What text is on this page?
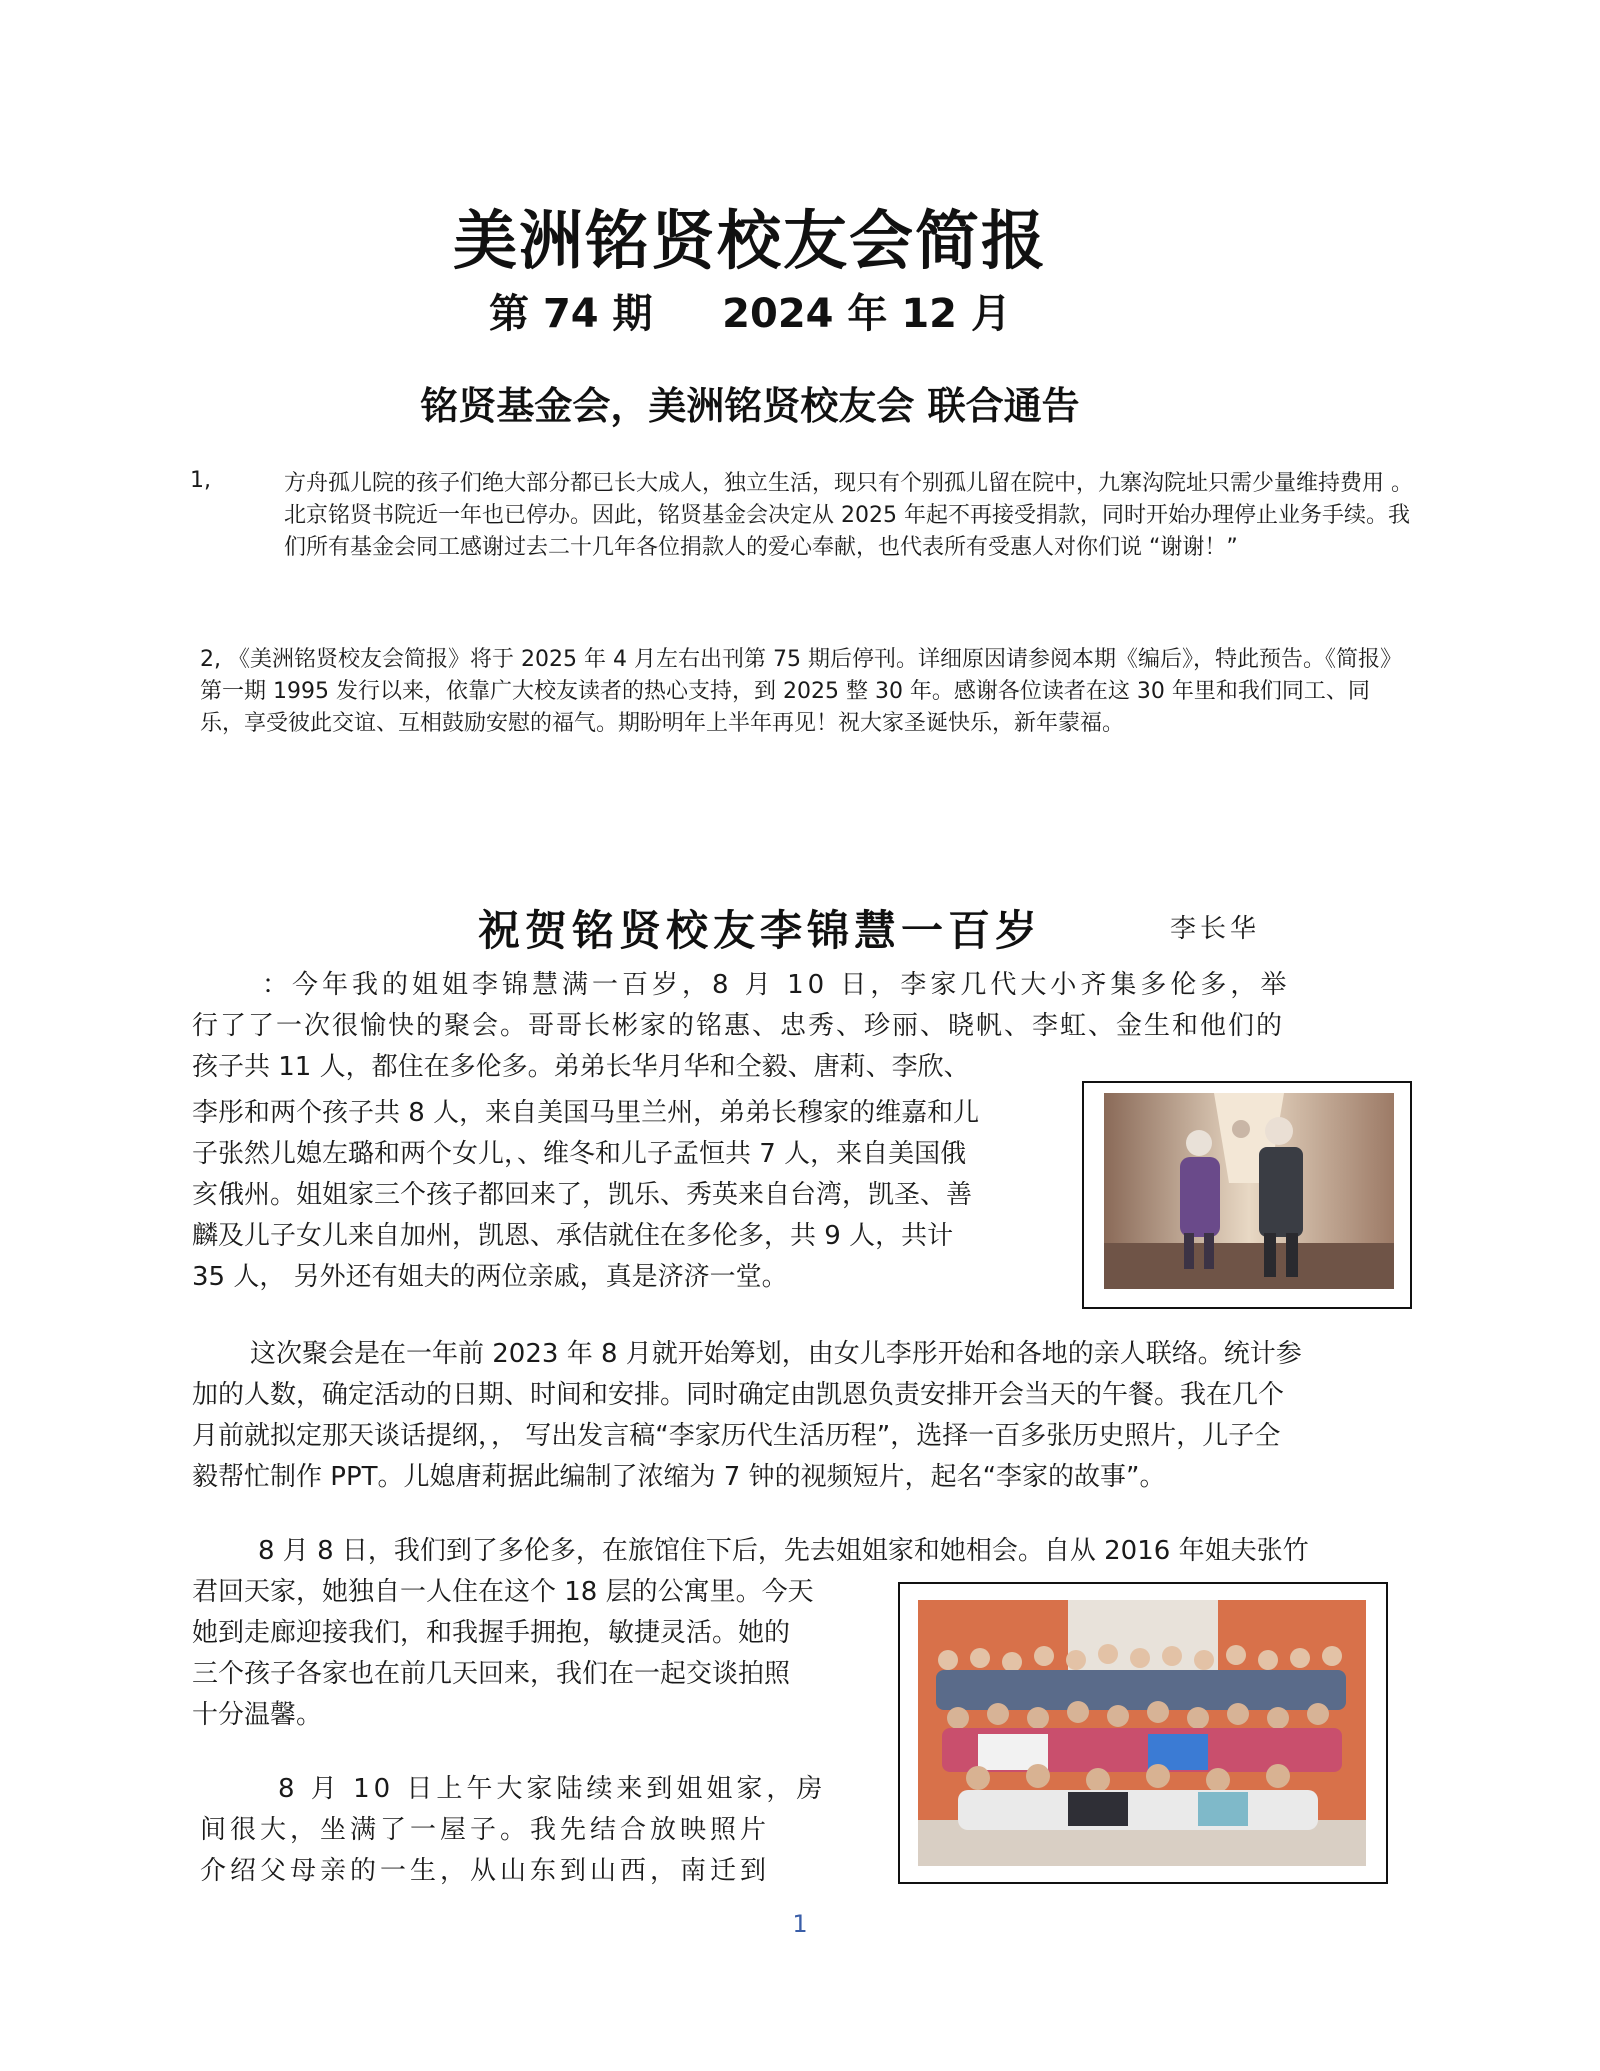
美洲铭贤校友会简报
第 74 期     2024 年 12 月
铭贤基金会，美洲铭贤校友会 联合通告
1,	方舟孤儿院的孩子们绝大部分都已长大成人，独立生活，现只有个别孤儿留在院中，九寨沟院址只需少量维持费用 。北京铭贤书院近一年也已停办。因此，铭贤基金会决定从 2025 年起不再接受捐款，同时开始办理停止业务手续。我们所有基金会同工感谢过去二十几年各位捐款人的爱心奉献，也代表所有受惠人对你们说 “谢谢！”
2, 《美洲铭贤校友会简报》将于 2025 年 4 月左右出刊第 75 期后停刊。详细原因请参阅本期《编后》，特此预告。《简报》第一期 1995 发行以来，依靠广大校友读者的热心支持，到 2025 整 30 年。感谢各位读者在这 30 年里和我们同工、同乐，享受彼此交谊、互相鼓励安慰的福气。期盼明年上半年再见！祝大家圣诞快乐，新年蒙福。
祝贺铭贤校友李锦慧一百岁	李长华
：今年我的姐姐李锦慧满一百岁，8 月 10 日，李家几代大小齐集多伦多，举
行了了一次很愉快的聚会。哥哥长彬家的铭惠、忠秀、珍丽、晓帆、李虹、金生和他们的
孩子共 11 人，都住在多伦多。弟弟长华月华和仝毅、唐莉、李欣、
李彤和两个孩子共 8 人，来自美国马里兰州，弟弟长穆家的维嘉和儿
子张然儿媳左璐和两个女儿，、维冬和儿子孟恒共 7 人，来自美国俄
亥俄州。姐姐家三个孩子都回来了，凯乐、秀英来自台湾，凯圣、善
麟及儿子女儿来自加州，凯恩、承佶就住在多伦多，共 9 人，共计
35 人， 另外还有姐夫的两位亲戚，真是济济一堂。
这次聚会是在一年前 2023 年 8 月就开始筹划，由女儿李彤开始和各地的亲人联络。统计参
加的人数，确定活动的日期、时间和安排。同时确定由凯恩负责安排开会当天的午餐。我在几个
月前就拟定那天谈话提纲，， 写出发言稿“李家历代生活历程”，选择一百多张历史照片，儿子仝
毅帮忙制作 PPT。儿媳唐莉据此编制了浓缩为 7 钟的视频短片，起名“李家的故事”。
8 月 8 日，我们到了多伦多，在旅馆住下后，先去姐姐家和她相会。自从 2016 年姐夫张竹
君回天家，她独自一人住在这个 18 层的公寓里。今天
她到走廊迎接我们，和我握手拥抱，敏捷灵活。她的
三个孩子各家也在前几天回来，我们在一起交谈拍照
十分温馨。
8 月 10 日上午大家陆续来到姐姐家，房
间很大，坐满了一屋子。我先结合放映照片
介绍父母亲的一生，从山东到山西，南迁到
1
